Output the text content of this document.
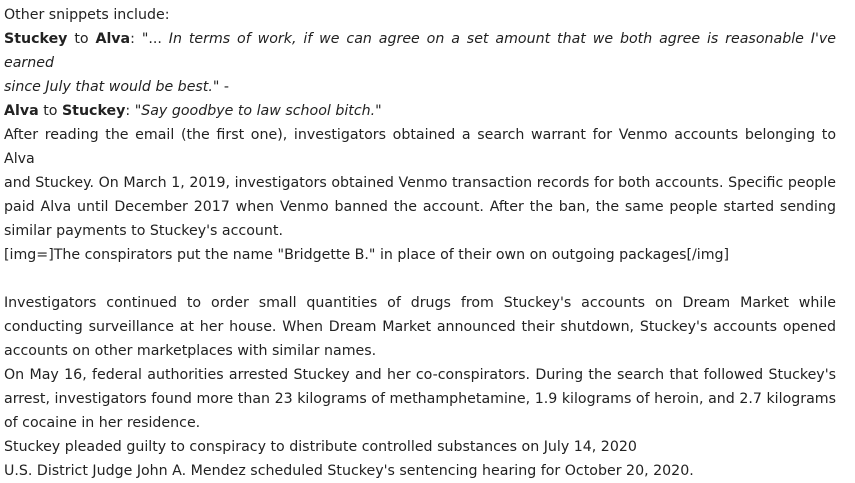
Other snippets include:
Stuckey to Alva: "... In terms of work, if we can agree on a set amount that we both agree is reasonable I've earned
since July that would be best." -
Alva to Stuckey: "Say goodbye to law school bitch."
After reading the email (the first one), investigators obtained a search warrant for Venmo accounts belonging to Alva
and Stuckey. On March 1, 2019, investigators obtained Venmo transaction records for both accounts. Specific people
paid Alva until December 2017 when Venmo banned the account. After the ban, the same people started sending
similar payments to Stuckey's account.
[img=]The conspirators put the name "Bridgette B." in place of their own on outgoing packages[/img]
Investigators continued to order small quantities of drugs from Stuckey's accounts on Dream Market while
conducting surveillance at her house. When Dream Market announced their shutdown, Stuckey's accounts opened
accounts on other marketplaces with similar names.
On May 16, federal authorities arrested Stuckey and her co-conspirators. During the search that followed Stuckey's
arrest, investigators found more than 23 kilograms of methamphetamine, 1.9 kilograms of heroin, and 2.7 kilograms
of cocaine in her residence.
Stuckey pleaded guilty to conspiracy to distribute controlled substances on July 14, 2020
U.S. District Judge John A. Mendez scheduled Stuckey's sentencing hearing for October 20, 2020.
